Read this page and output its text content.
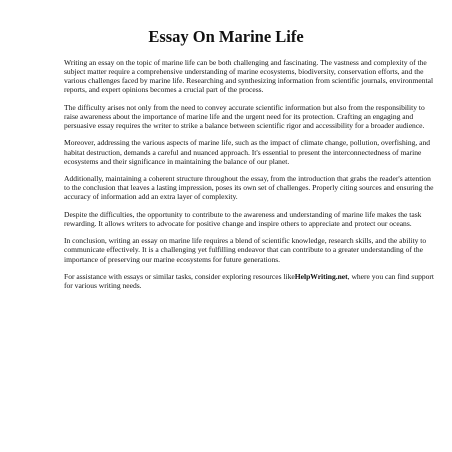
Essay On Marine Life

Writing an essay on the topic of marine life can be both challenging and fascinating. The vastness and complexity of the subject matter require a comprehensive understanding of marine ecosystems, biodiversity, conservation efforts, and the various challenges faced by marine life. Researching and synthesizing information from scientific journals, environmental reports, and expert opinions becomes a crucial part of the process.

The difficulty arises not only from the need to convey accurate scientific information but also from the responsibility to raise awareness about the importance of marine life and the urgent need for its protection. Crafting an engaging and persuasive essay requires the writer to strike a balance between scientific rigor and accessibility for a broader audience.

Moreover, addressing the various aspects of marine life, such as the impact of climate change, pollution, overfishing, and habitat destruction, demands a careful and nuanced approach. It's essential to present the interconnectedness of marine ecosystems and their significance in maintaining the balance of our planet.

Additionally, maintaining a coherent structure throughout the essay, from the introduction that grabs the reader's attention to the conclusion that leaves a lasting impression, poses its own set of challenges. Properly citing sources and ensuring the accuracy of information add an extra layer of complexity.

Despite the difficulties, the opportunity to contribute to the awareness and understanding of marine life makes the task rewarding. It allows writers to advocate for positive change and inspire others to appreciate and protect our oceans.

In conclusion, writing an essay on marine life requires a blend of scientific knowledge, research skills, and the ability to communicate effectively. It is a challenging yet fulfilling endeavor that can contribute to a greater understanding of the importance of preserving our marine ecosystems for future generations.

For assistance with essays or similar tasks, consider exploring resources likeHelpWriting.net, where you can find support for various writing needs.
